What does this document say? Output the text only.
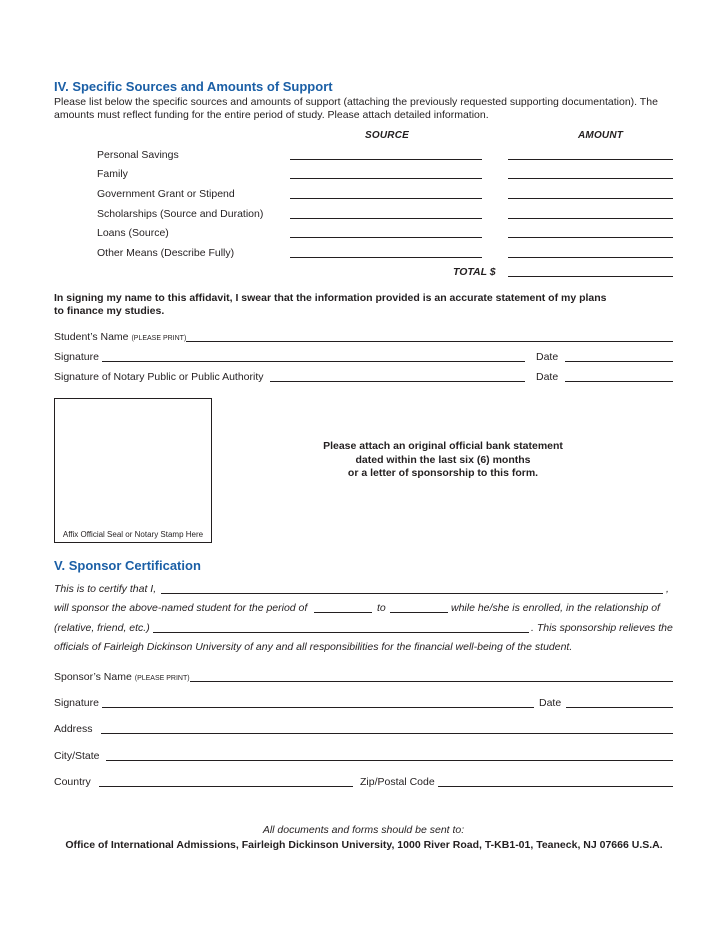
IV. Specific Sources and Amounts of Support
Please list below the specific sources and amounts of support (attaching the previously requested supporting documentation). The
amounts must reflect funding for the entire period of study. Please attach detailed information.
SOURCE	AMOUNT
Personal Savings
Family
Government Grant or Stipend
Scholarships (Source and Duration)
Loans (Source)
Other Means (Describe Fully)
TOTAL $
In signing my name to this affidavit, I swear that the information provided is an accurate statement of my plans
to finance my studies.
Student’s Name (PLEASE PRINT)
Signature	Date
Signature of Notary Public or Public Authority	Date
Affix Official Seal or Notary Stamp Here
Please attach an original official bank statement
dated within the last six (6) months
or a letter of sponsorship to this form.
V. Sponsor Certification
This is to certify that I,	,
will sponsor the above-named student for the period of	to	while he/she is enrolled, in the relationship of
(relative, friend, etc.)	. This sponsorship relieves the
officials of Fairleigh Dickinson University of any and all responsibilities for the financial well-being of the student.
Sponsor’s Name (PLEASE PRINT)
Signature	Date
Address
City/State
Country	Zip/Postal Code
All documents and forms should be sent to:
Office of International Admissions, Fairleigh Dickinson University, 1000 River Road, T-KB1-01, Teaneck, NJ 07666 U.S.A.
